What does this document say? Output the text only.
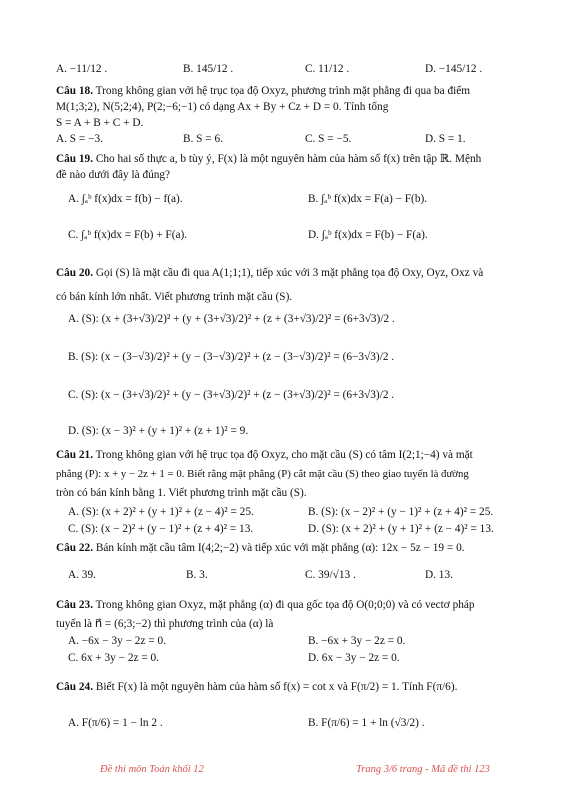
A. −11/12 .	B. 145/12 .	C. 11/12 .	D. −145/12 .
Câu 18. Trong không gian với hệ trục tọa độ Oxyz, phương trình mặt phẳng đi qua ba điểm
M(1;3;2), N(5;2;4), P(2;−6;−1) có dạng Ax + By + Cz + D = 0. Tính tổng
S = A + B + C + D.
A. S = −3.	B. S = 6.	C. S = −5.	D. S = 1.
Câu 19. Cho hai số thực a, b tùy ý, F(x) là một nguyên hàm của hàm số f(x) trên tập ℝ. Mệnh
đề nào dưới đây là đúng?
A. ∫ₐᵇ f(x)dx = f(b) − f(a).	B. ∫ₐᵇ f(x)dx = F(a) − F(b).
C. ∫ₐᵇ f(x)dx = F(b) + F(a).	D. ∫ₐᵇ f(x)dx = F(b) − F(a).
Câu 20. Gọi (S) là mặt cầu đi qua A(1;1;1), tiếp xúc với 3 mặt phẳng tọa độ Oxy, Oyz, Oxz và
có bán kính lớn nhất. Viết phương trình mặt cầu (S).
A. (S): (x + (3+√3)/2)² + (y + (3+√3)/2)² + (z + (3+√3)/2)² = (6+3√3)/2 .
B. (S): (x − (3−√3)/2)² + (y − (3−√3)/2)² + (z − (3−√3)/2)² = (6−3√3)/2 .
C. (S): (x − (3+√3)/2)² + (y − (3+√3)/2)² + (z − (3+√3)/2)² = (6+3√3)/2 .
D. (S): (x − 3)² + (y + 1)² + (z + 1)² = 9.
Câu 21. Trong không gian với hệ trục tọa độ Oxyz, cho mặt cầu (S) có tâm I(2;1;−4) và mặt
phẳng (P): x + y − 2z + 1 = 0. Biết rằng mặt phẳng (P) cắt mặt cầu (S) theo giao tuyến là đường
tròn có bán kính bằng 1. Viết phương trình mặt cầu (S).
A. (S): (x + 2)² + (y + 1)² + (z − 4)² = 25.	B. (S): (x − 2)² + (y − 1)² + (z + 4)² = 25.
C. (S): (x − 2)² + (y − 1)² + (z + 4)² = 13.	D. (S): (x + 2)² + (y + 1)² + (z − 4)² = 13.
Câu 22. Bán kính mặt cầu tâm I(4;2;−2) và tiếp xúc với mặt phẳng (α): 12x − 5z − 19 = 0.
A. 39.	B. 3.	C. 39/√13 .	D. 13.
Câu 23. Trong không gian Oxyz, mặt phẳng (α) đi qua gốc tọa độ O(0;0;0) và có vectơ pháp
tuyến là n⃗ = (6;3;−2) thì phương trình của (α) là
A. −6x − 3y − 2z = 0.	B. −6x + 3y − 2z = 0.
C. 6x + 3y − 2z = 0.	D. 6x − 3y − 2z = 0.
Câu 24. Biết F(x) là một nguyên hàm của hàm số f(x) = cot x và F(π/2) = 1. Tính F(π/6).
A. F(π/6) = 1 − ln 2 .	B. F(π/6) = 1 + ln (√3/2) .
Đề thi môn Toán khối 12	Trang 3/6 trang - Mã đề thi 123
